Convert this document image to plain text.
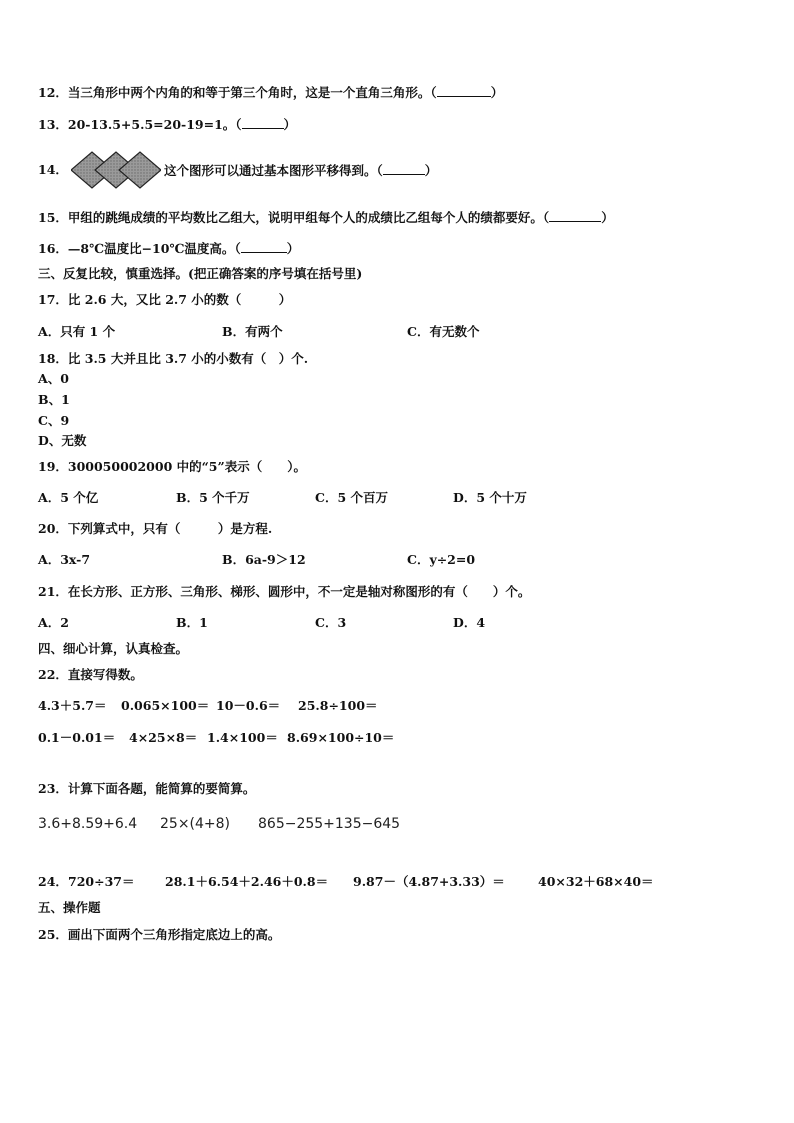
12．当三角形中两个内角的和等于第三个角时，这是一个直角三角形。（	）
13．20-13.5+5.5=20-19=1。（	）
14．	这个图形可以通过基本图形平移得到。（	）
15．甲组的跳绳成绩的平均数比乙组大，说明甲组每个人的成绩比乙组每个人的绩都要好。（	）
16．—8℃温度比−10℃温度高。（	）
三、反复比较，慎重选择。(把正确答案的序号填在括号里)
17．比 2.6 大，又比 2.7 小的数（　　　）
A．只有 1 个	B．有两个	C．有无数个
18．比 3.5 大并且比 3.7 小的小数有（　）个.
A、0
B、1
C、9
D、无数
19．300050002000 中的“5”表示（　　）。
A．5 个亿	B．5 个千万	C．5 个百万	D．5 个十万
20．下列算式中，只有（　　　）是方程.
A．3x-7	B．6a-9＞12	C．y÷2=0
21．在长方形、正方形、三角形、梯形、圆形中，不一定是轴对称图形的有（　　）个。
A．2	B．1	C．3	D．4
四、细心计算，认真检查。
22．直接写得数。
4.3＋5.7＝ 0.065×100＝ 10－0.6＝ 25.8÷100＝
0.1－0.01＝ 4×25×8＝ 1.4×100＝ 8.69×100÷10＝
23．计算下面各题，能简算的要简算。
3.6+8.59+6.4 25×(4+8) 865−255+135−645
24． 720÷37＝ 28.1＋6.54＋2.46＋0.8＝ 9.87－（4.87+3.33）＝	40×32＋68×40＝
五、操作题
25．画出下面两个三角形指定底边上的高。
